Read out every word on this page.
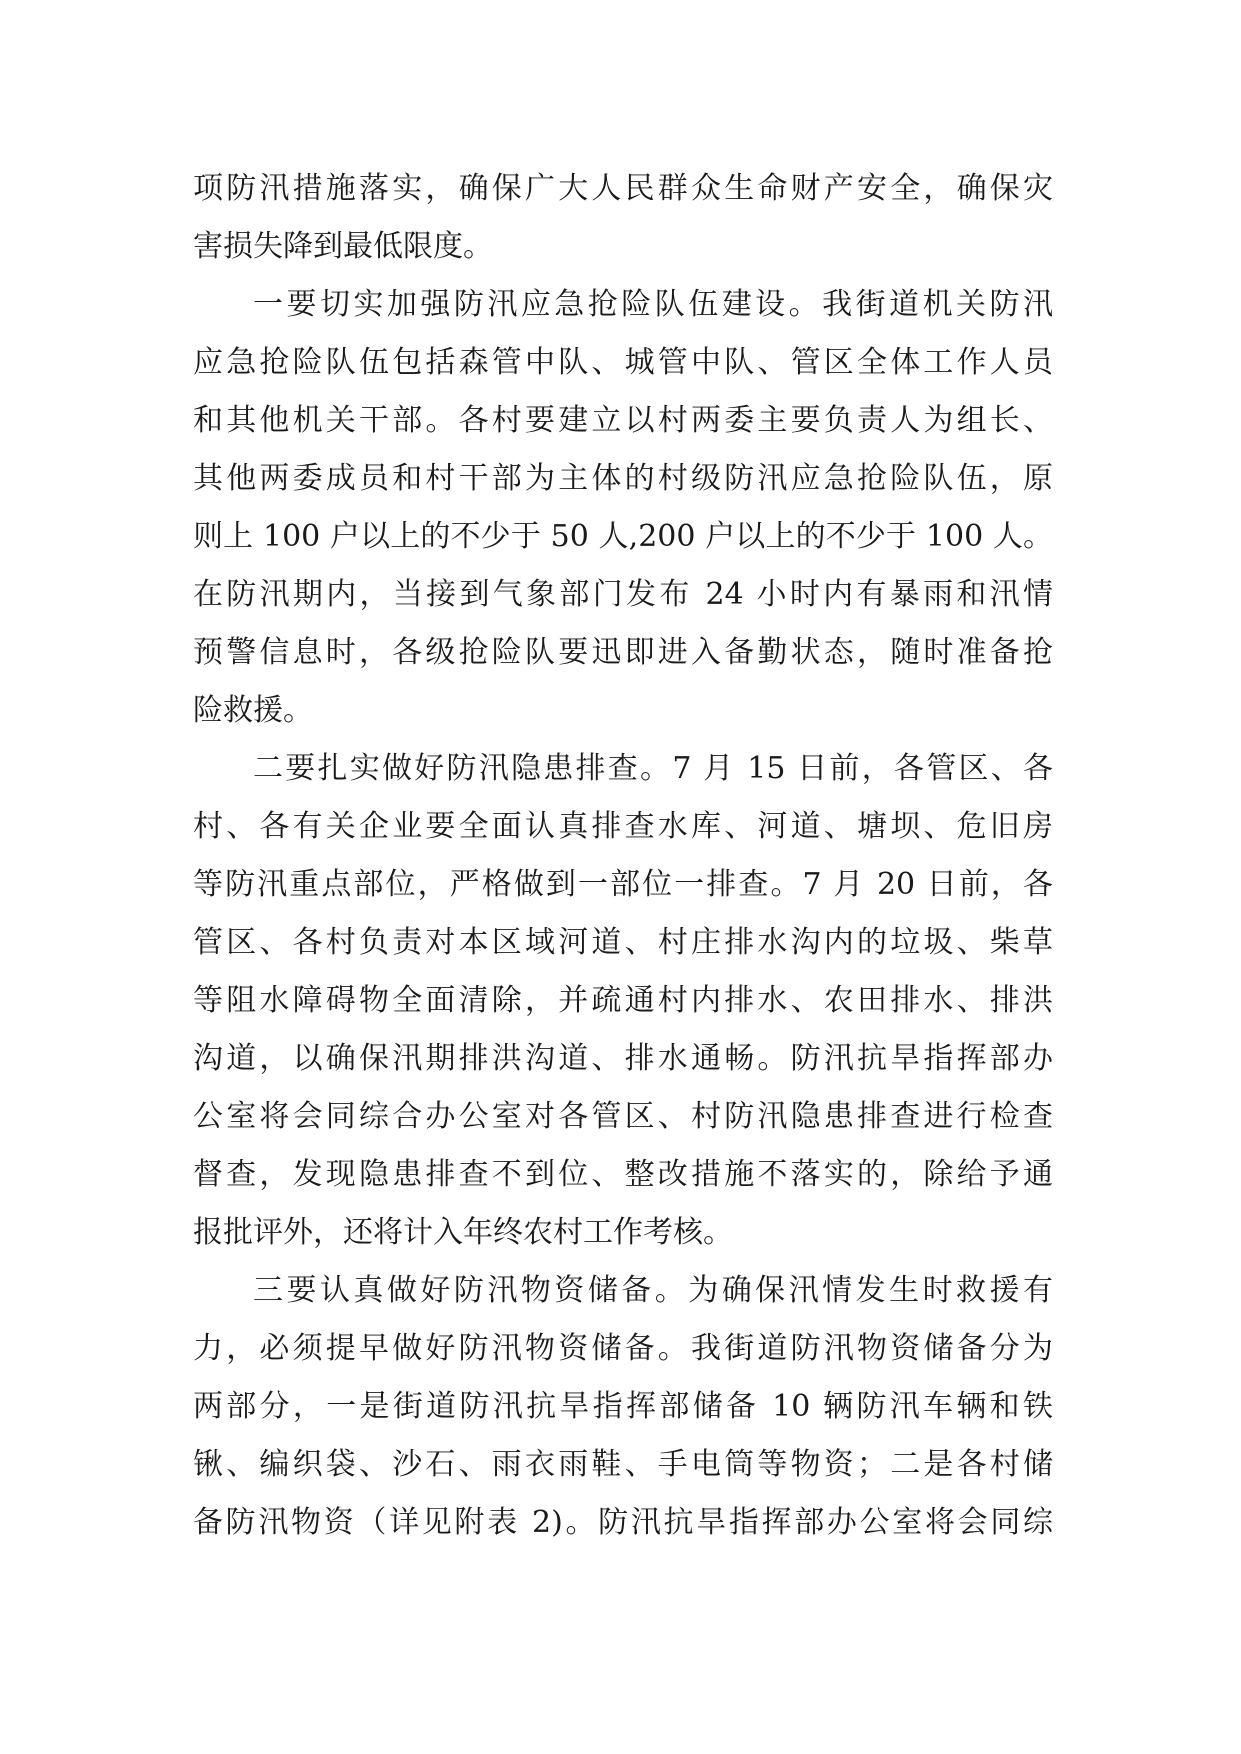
项防汛措施落实，确保广大人民群众生命财产安全，确保灾
害损失降到最低限度。
一要切实加强防汛应急抢险队伍建设。我街道机关防汛
应急抢险队伍包括森管中队、城管中队、管区全体工作人员
和其他机关干部。各村要建立以村两委主要负责人为组长、
其他两委成员和村干部为主体的村级防汛应急抢险队伍，原
则上 100 户以上的不少于 50 人,200 户以上的不少于 100 人。
在防汛期内，当接到气象部门发布 24 小时内有暴雨和汛情
预警信息时，各级抢险队要迅即进入备勤状态，随时准备抢
险救援。
二要扎实做好防汛隐患排查。7 月 15 日前，各管区、各
村、各有关企业要全面认真排查水库、河道、塘坝、危旧房
等防汛重点部位，严格做到一部位一排查。7 月 20 日前，各
管区、各村负责对本区域河道、村庄排水沟内的垃圾、柴草
等阻水障碍物全面清除，并疏通村内排水、农田排水、排洪
沟道，以确保汛期排洪沟道、排水通畅。防汛抗旱指挥部办
公室将会同综合办公室对各管区、村防汛隐患排查进行检查
督查，发现隐患排查不到位、整改措施不落实的，除给予通
报批评外，还将计入年终农村工作考核。
三要认真做好防汛物资储备。为确保汛情发生时救援有
力，必须提早做好防汛物资储备。我街道防汛物资储备分为
两部分，一是街道防汛抗旱指挥部储备 10 辆防汛车辆和铁
锹、编织袋、沙石、雨衣雨鞋、手电筒等物资；二是各村储
备防汛物资（详见附表 2)。防汛抗旱指挥部办公室将会同综
